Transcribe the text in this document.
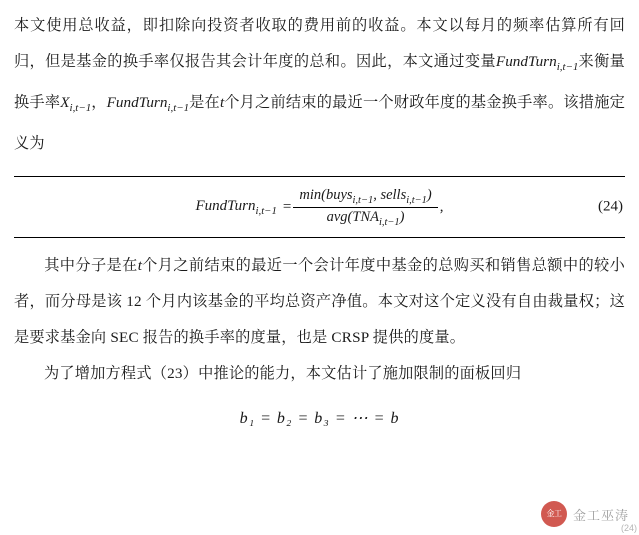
本文使用总收益，即扣除向投资者收取的费用前的收益。本文以每月的频率估算所有回归，但是基金的换手率仅报告其会计年度的总和。因此，本文通过变量FundTurn$_{i,t-1}$来衡量换手率$X_{i,t-1}$，FundTurn$_{i,t-1}$是在t个月之前结束的最近一个财政年度的基金换手率。该措施定义为

FundTurn$_{i,t-1}$ = $\frac{\min(buys_{i,t-1}, sells_{i,t-1})}{avg(TNA_{i,t-1})}$ ,	(24)

其中分子是在t个月之前结束的最近一个会计年度中基金的总购买和销售总额中的较小者，而分母是该 12 个月内该基金的平均总资产净值。本文对这个定义没有自由裁量权；这是要求基金向 SEC 报告的换手率的度量，也是 CRSP 提供的度量。

为了增加方程式（23）中推论的能力，本文估计了施加限制的面板回归

b₁ = b₂ = b₃ = ⋯ = b
金工 金工巫涛
(24)
